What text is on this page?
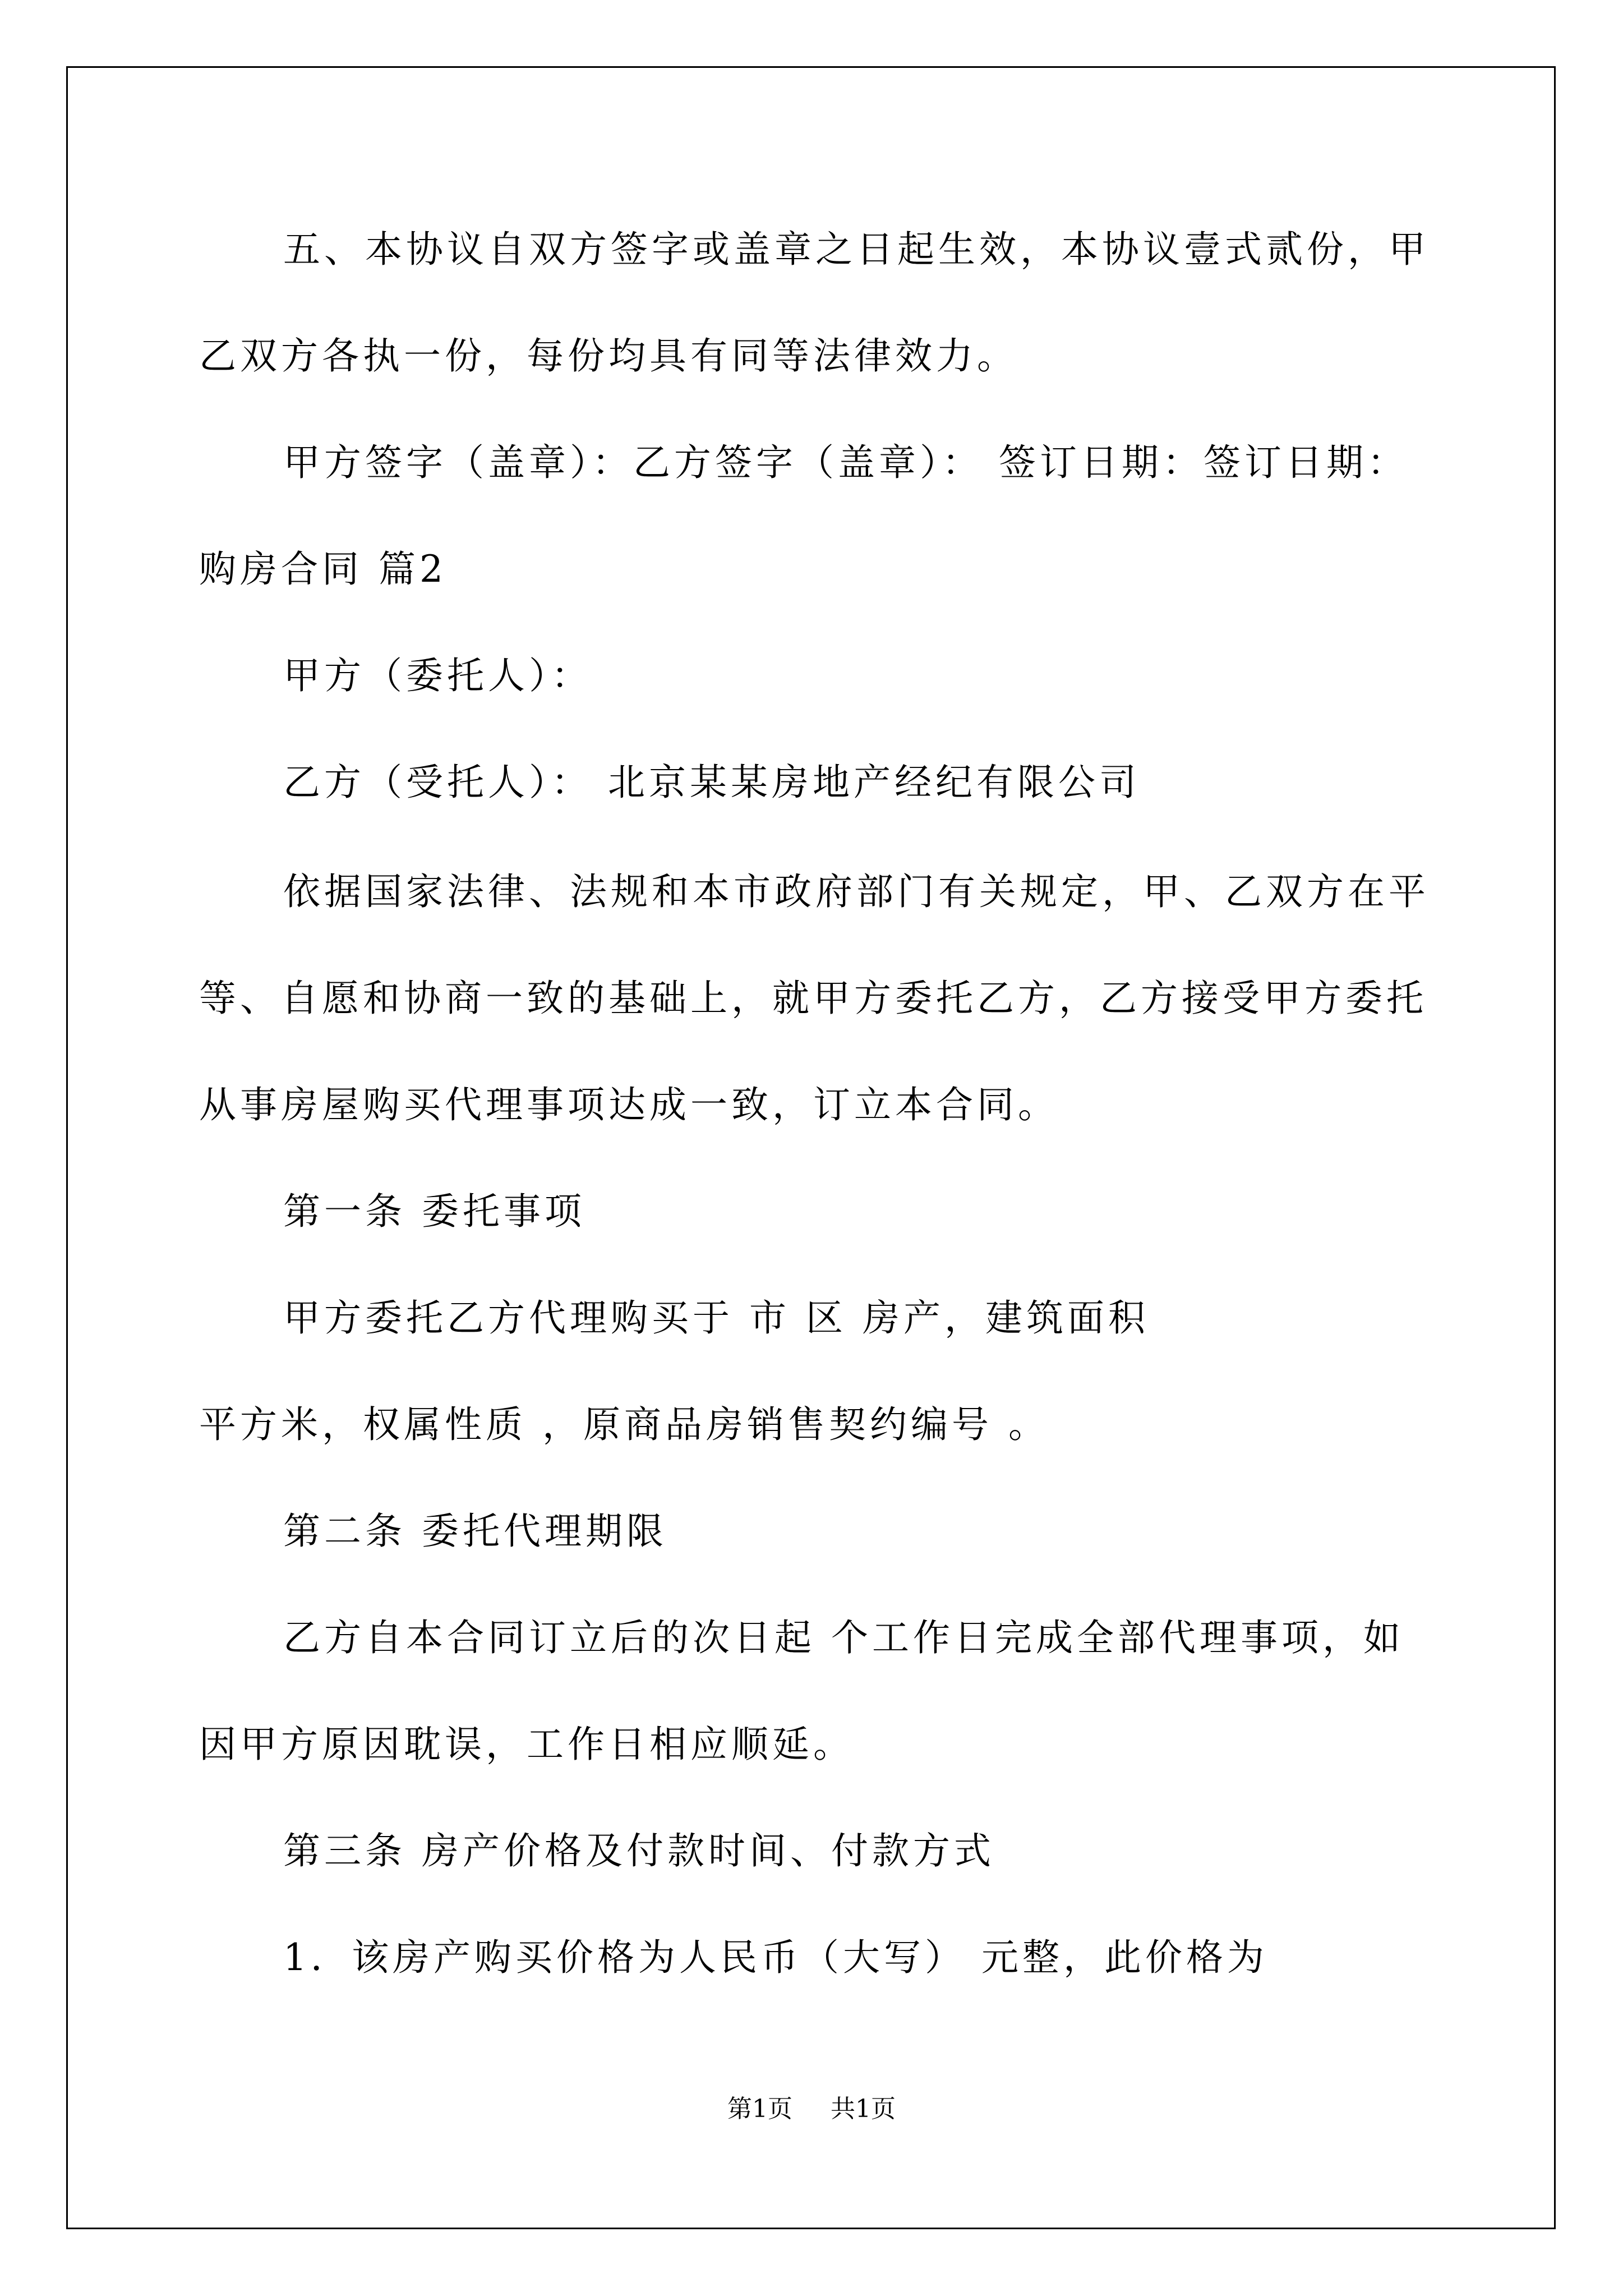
五、本协议自双方签字或盖章之日起生效，本协议壹式贰份，甲
乙双方各执一份，每份均具有同等法律效力。
甲方签字（盖章）：乙方签字（盖章）： 签订日期：签订日期：
购房合同 篇2
甲方（委托人）：
乙方（受托人）： 北京某某房地产经纪有限公司
依据国家法律、法规和本市政府部门有关规定，甲、乙双方在平
等、自愿和协商一致的基础上，就甲方委托乙方，乙方接受甲方委托
从事房屋购买代理事项达成一致，订立本合同。
第一条 委托事项
甲方委托乙方代理购买于 市 区 房产，建筑面积
平方米，权属性质 ，原商品房销售契约编号 。
第二条 委托代理期限
乙方自本合同订立后的次日起 个工作日完成全部代理事项，如
因甲方原因耽误，工作日相应顺延。
第三条 房产价格及付款时间、付款方式
1．该房产购买价格为人民币（大写） 元整，此价格为
第1页 共1页
